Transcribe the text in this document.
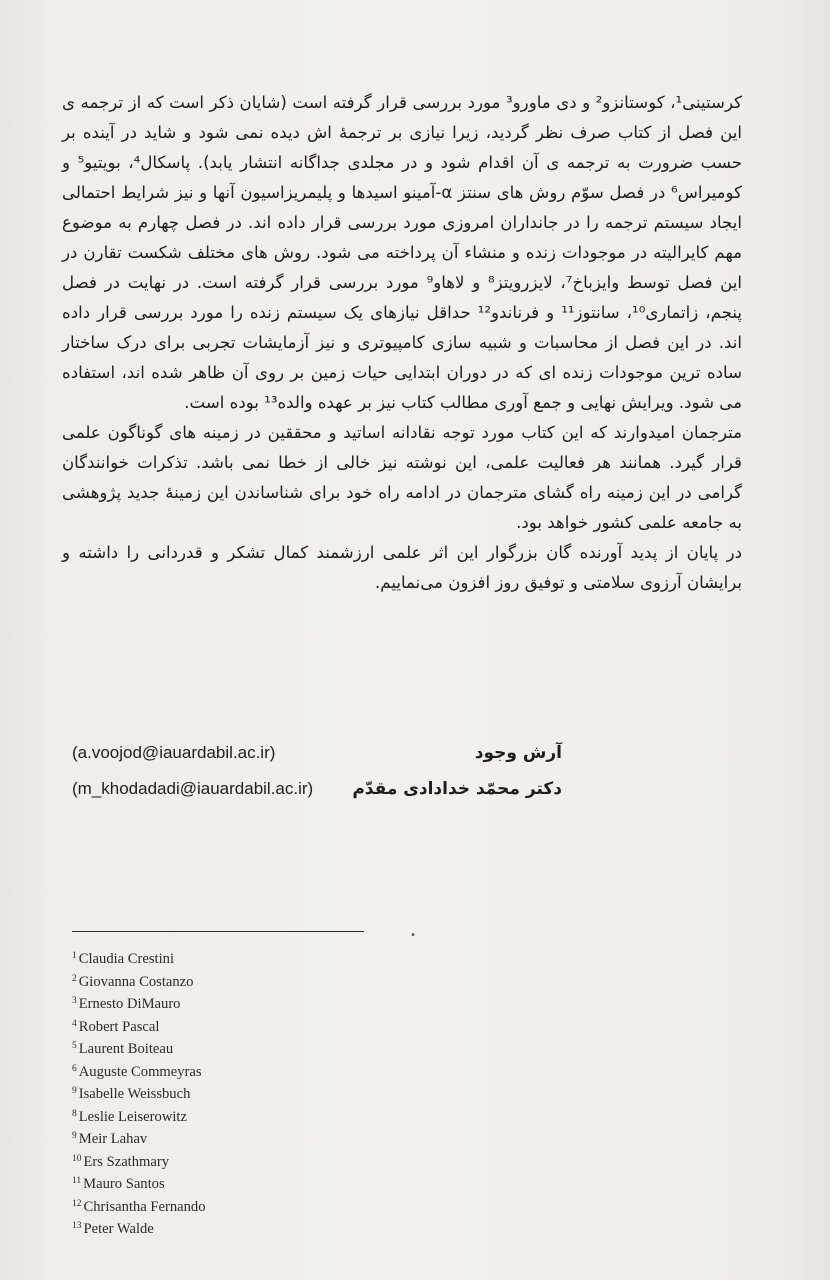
کرستینی¹، کوستانزو² و دی ماورو³ مورد بررسی قرار گرفته است (شایان ذکر است که از ترجمه ی این فصل از کتاب صرف نظر گردید، زیرا نیازی بر ترجمهٔ اش دیده نمی شود و شاید در آینده بر حسب ضرورت به ترجمه ی آن اقدام شود و در مجلدی جداگانه انتشار یابد). پاسکال⁴، بویتیو⁵ و کومیراس⁶ در فصل سوّم روش های سنتز α-آمینو اسیدها و پلیمریزاسیون آنها و نیز شرایط احتمالی ایجاد سیستم ترجمه را در جانداران امروزی مورد بررسی قرار داده اند. در فصل چهارم به موضوع مهم کایرالیته در موجودات زنده و منشاء آن پرداخته می شود. روش های مختلف شکست تقارن در این فصل توسط وایزباخ⁷، لایزرویتز⁸ و لاهاو⁹ مورد بررسی قرار گرفته است. در نهایت در فصل پنجم، زاتماری¹⁰، سانتوز¹¹ و فرناندو¹² حداقل نیازهای یک سیستم زنده را مورد بررسی قرار داده اند. در این فصل از محاسبات و شبیه سازی کامپیوتری و نیز آزمایشات تجربی برای درک ساختار ساده ترین موجودات زنده ای که در دوران ابتدایی حیات زمین بر روی آن ظاهر شده اند، استفاده می شود. ویرایش نهایی و جمع آوری مطالب کتاب نیز بر عهده والده¹³ بوده است.

مترجمان امیدوارند که این کتاب مورد توجه نقادانه اساتید و محققین در زمینه های گوناگون علمی قرار گیرد. همانند هر فعالیت علمی، این نوشته نیز خالی از خطا نمی باشد. تذکرات خوانندگان گرامی در این زمینه راه گشای مترجمان در ادامه راه خود برای شناساندن این زمینهٔ جدید پژوهشی به جامعه علمی کشور خواهد بود.

در پایان از پدید آورنده گان بزرگوار این اثر علمی ارزشمند کمال تشکر و قدردانی را داشته و برایشان آرزوی سلامتی و توفیق روز افزون می‌نماییم.

(a.voojod@iauardabil.ac.ir)	آرش وجود
(m_khodadadi@iauardabil.ac.ir) دکتر محمّد خدادادی مقدّم
•
$^1$ Claudia Crestini
$^2$ Giovanna Costanzo
$^3$ Ernesto DiMauro
$^4$ Robert Pascal
$^5$ Laurent Boiteau
$^6$ Auguste Commeyras
$^9$ Isabelle Weissbuch
$^8$ Leslie Leiserowitz
$^9$ Meir Lahav
$^{10}$ Ers Szathmary
$^{11}$ Mauro Santos
$^{12}$ Chrisantha Fernando
$^{13}$ Peter Walde
